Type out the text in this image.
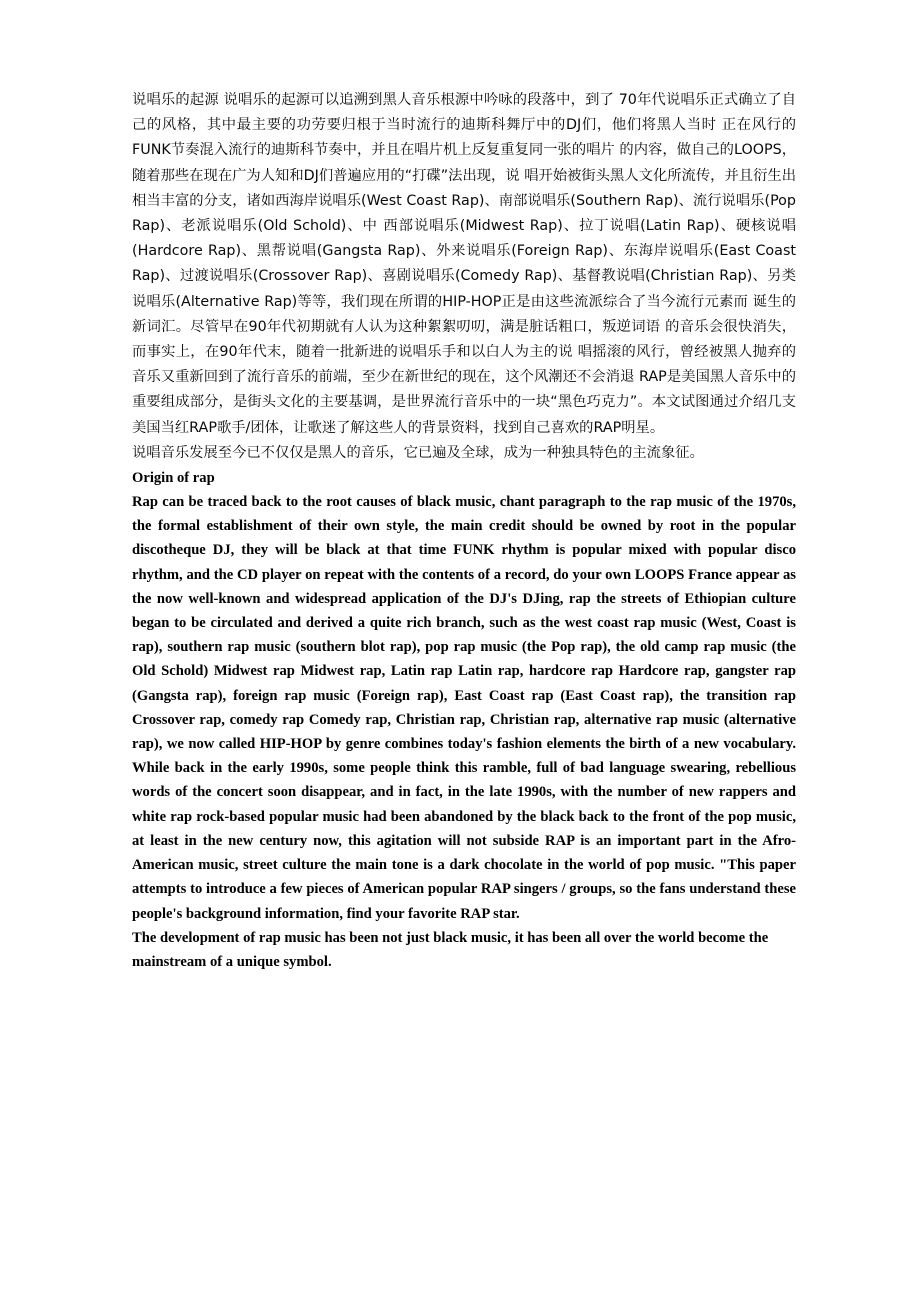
说唱乐的起源 说唱乐的起源可以追溯到黑人音乐根源中吟咏的段落中，到了 70年代说唱乐正式确立了自 己的风格，其中最主要的功劳要归根于当时流行的迪斯科舞厅中的DJ们，他们将黑人当时 正在风行的FUNK节奏混入流行的迪斯科节奏中，并且在唱片机上反复重复同一张的唱片 的内容，做自己的LOOPS，随着那些在现在广为人知和DJ们普遍应用的“打碟”法出现，说 唱开始被街头黑人文化所流传，并且衍生出相当丰富的分支，诸如西海岸说唱乐(West Coast Rap)、南部说唱乐(Southern Rap)、流行说唱乐(Pop Rap)、老派说唱乐(Old Schold)、中 西部说唱乐(Midwest Rap)、拉丁说唱(Latin Rap)、硬核说唱(Hardcore Rap)、黑帮说唱(Gangsta Rap)、外来说唱乐(Foreign Rap)、东海岸说唱乐(East Coast Rap)、过渡说唱乐(Crossover Rap)、喜剧说唱乐(Comedy Rap)、基督教说唱(Christian Rap)、另类说唱乐(Alternative Rap)等等，我们现在所谓的HIP-HOP正是由这些流派综合了当今流行元素而 诞生的新词汇。尽管早在90年代初期就有人认为这种絮絮叨叨，满是脏话粗口，叛逆词语 的音乐会很快消失，而事实上，在90年代末，随着一批新进的说唱乐手和以白人为主的说 唱摇滚的风行，曾经被黑人抛弃的音乐又重新回到了流行音乐的前端，至少在新世纪的现在，这个风潮还不会消退 RAP是美国黑人音乐中的重要组成部分，是街头文化的主要基调，是世界流行音乐中的一块“黑色巧克力”。本文试图通过介绍几支美国当红RAP歌手/团体，让歌迷了解这些人的背景资料，找到自己喜欢的RAP明星。

说唱音乐发展至今已不仅仅是黑人的音乐，它已遍及全球，成为一种独具特色的主流象征。

Origin of rap

Rap can be traced back to the root causes of black music, chant paragraph to the rap music of the 1970s, the formal establishment of their own style, the main credit should be owned by root in the popular discotheque DJ, they will be black at that time FUNK rhythm is popular mixed with popular disco rhythm, and the CD player on repeat with the contents of a record, do your own LOOPS France appear as the now well-known and widespread application of the DJ's DJing, rap the streets of Ethiopian culture began to be circulated and derived a quite rich branch, such as the west coast rap music (West, Coast is rap), southern rap music (southern blot rap), pop rap music (the Pop rap), the old camp rap music (the Old Schold) Midwest rap Midwest rap, Latin rap Latin rap, hardcore rap Hardcore rap, gangster rap (Gangsta rap), foreign rap music (Foreign rap), East Coast rap (East Coast rap), the transition rap Crossover rap, comedy rap Comedy rap, Christian rap, Christian rap, alternative rap music (alternative rap), we now called HIP-HOP by genre combines today's fashion elements the birth of a new vocabulary. While back in the early 1990s, some people think this ramble, full of bad language swearing, rebellious words of the concert soon disappear, and in fact, in the late 1990s, with the number of new rappers and white rap rock-based popular music had been abandoned by the black back to the front of the pop music, at least in the new century now, this agitation will not subside RAP is an important part in the Afro-American music, street culture the main tone is a dark chocolate in the world of pop music. "This paper attempts to introduce a few pieces of American popular RAP singers / groups, so the fans understand these people's background information, find your favorite RAP star.

The development of rap music has been not just black music, it has been all over the world become the mainstream of a unique symbol.
